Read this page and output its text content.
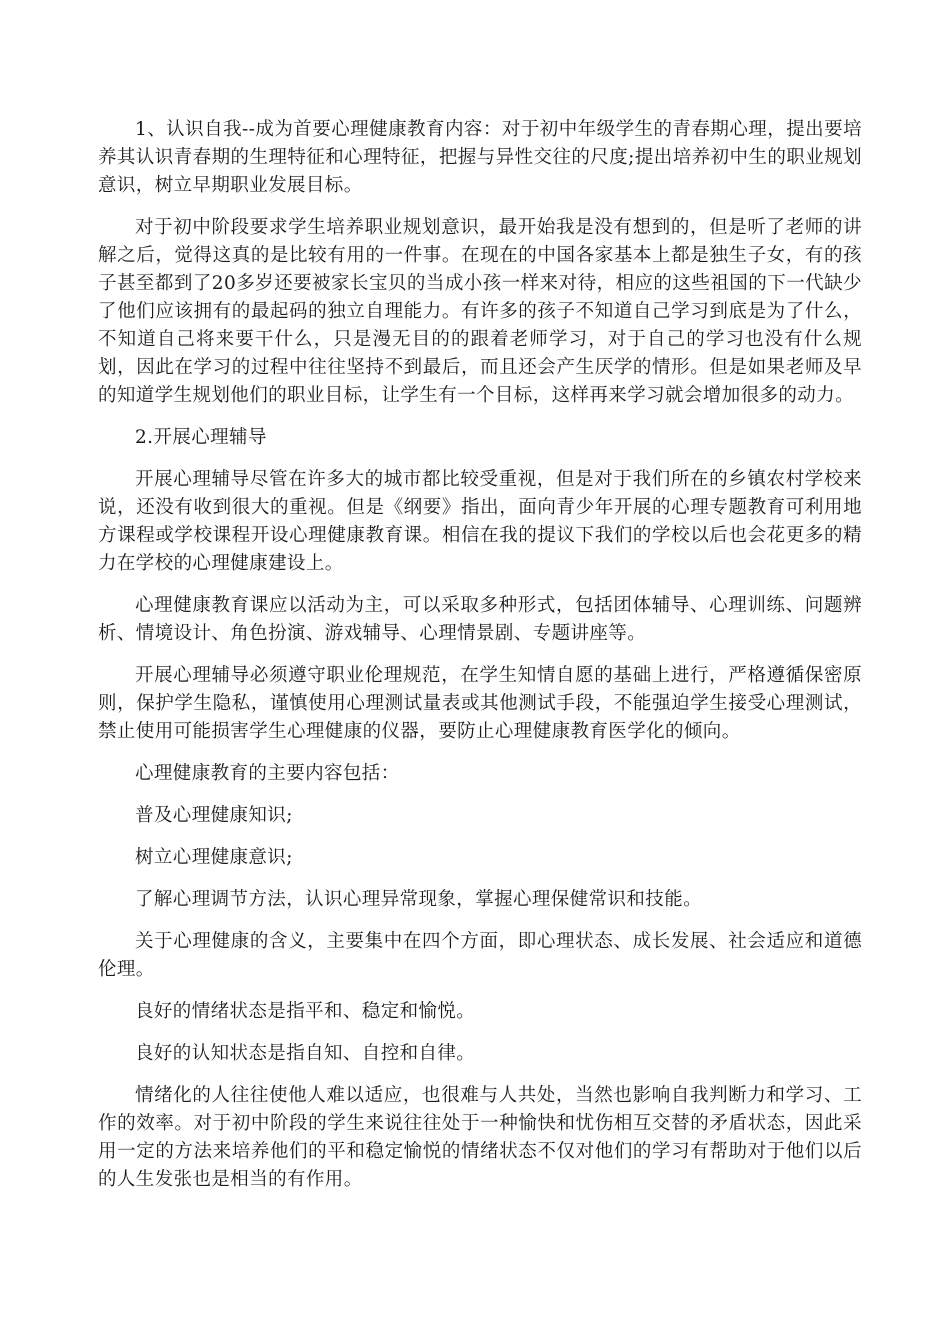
1、认识自我--成为首要心理健康教育内容：对于初中年级学生的青春期心理，提出要培养其认识青春期的生理特征和心理特征，把握与异性交往的尺度;提出培养初中生的职业规划意识，树立早期职业发展目标。

对于初中阶段要求学生培养职业规划意识，最开始我是没有想到的，但是听了老师的讲解之后，觉得这真的是比较有用的一件事。在现在的中国各家基本上都是独生子女，有的孩子甚至都到了20多岁还要被家长宝贝的当成小孩一样来对待，相应的这些祖国的下一代缺少了他们应该拥有的最起码的独立自理能力。有许多的孩子不知道自己学习到底是为了什么，不知道自己将来要干什么，只是漫无目的的跟着老师学习，对于自己的学习也没有什么规划，因此在学习的过程中往往坚持不到最后，而且还会产生厌学的情形。但是如果老师及早的知道学生规划他们的职业目标，让学生有一个目标，这样再来学习就会增加很多的动力。

2.开展心理辅导

开展心理辅导尽管在许多大的城市都比较受重视，但是对于我们所在的乡镇农村学校来说，还没有收到很大的重视。但是《纲要》指出，面向青少年开展的心理专题教育可利用地方课程或学校课程开设心理健康教育课。相信在我的提议下我们的学校以后也会花更多的精力在学校的心理健康建设上。

心理健康教育课应以活动为主，可以采取多种形式，包括团体辅导、心理训练、问题辨析、情境设计、角色扮演、游戏辅导、心理情景剧、专题讲座等。

开展心理辅导必须遵守职业伦理规范，在学生知情自愿的基础上进行，严格遵循保密原则，保护学生隐私，谨慎使用心理测试量表或其他测试手段，不能强迫学生接受心理测试，禁止使用可能损害学生心理健康的仪器，要防止心理健康教育医学化的倾向。

心理健康教育的主要内容包括：

普及心理健康知识;

树立心理健康意识;

了解心理调节方法，认识心理异常现象，掌握心理保健常识和技能。

关于心理健康的含义，主要集中在四个方面，即心理状态、成长发展、社会适应和道德伦理。

良好的情绪状态是指平和、稳定和愉悦。

良好的认知状态是指自知、自控和自律。

情绪化的人往往使他人难以适应，也很难与人共处，当然也影响自我判断力和学习、工作的效率。对于初中阶段的学生来说往往处于一种愉快和忧伤相互交替的矛盾状态，因此采用一定的方法来培养他们的平和稳定愉悦的情绪状态不仅对他们的学习有帮助对于他们以后的人生发张也是相当的有作用。
